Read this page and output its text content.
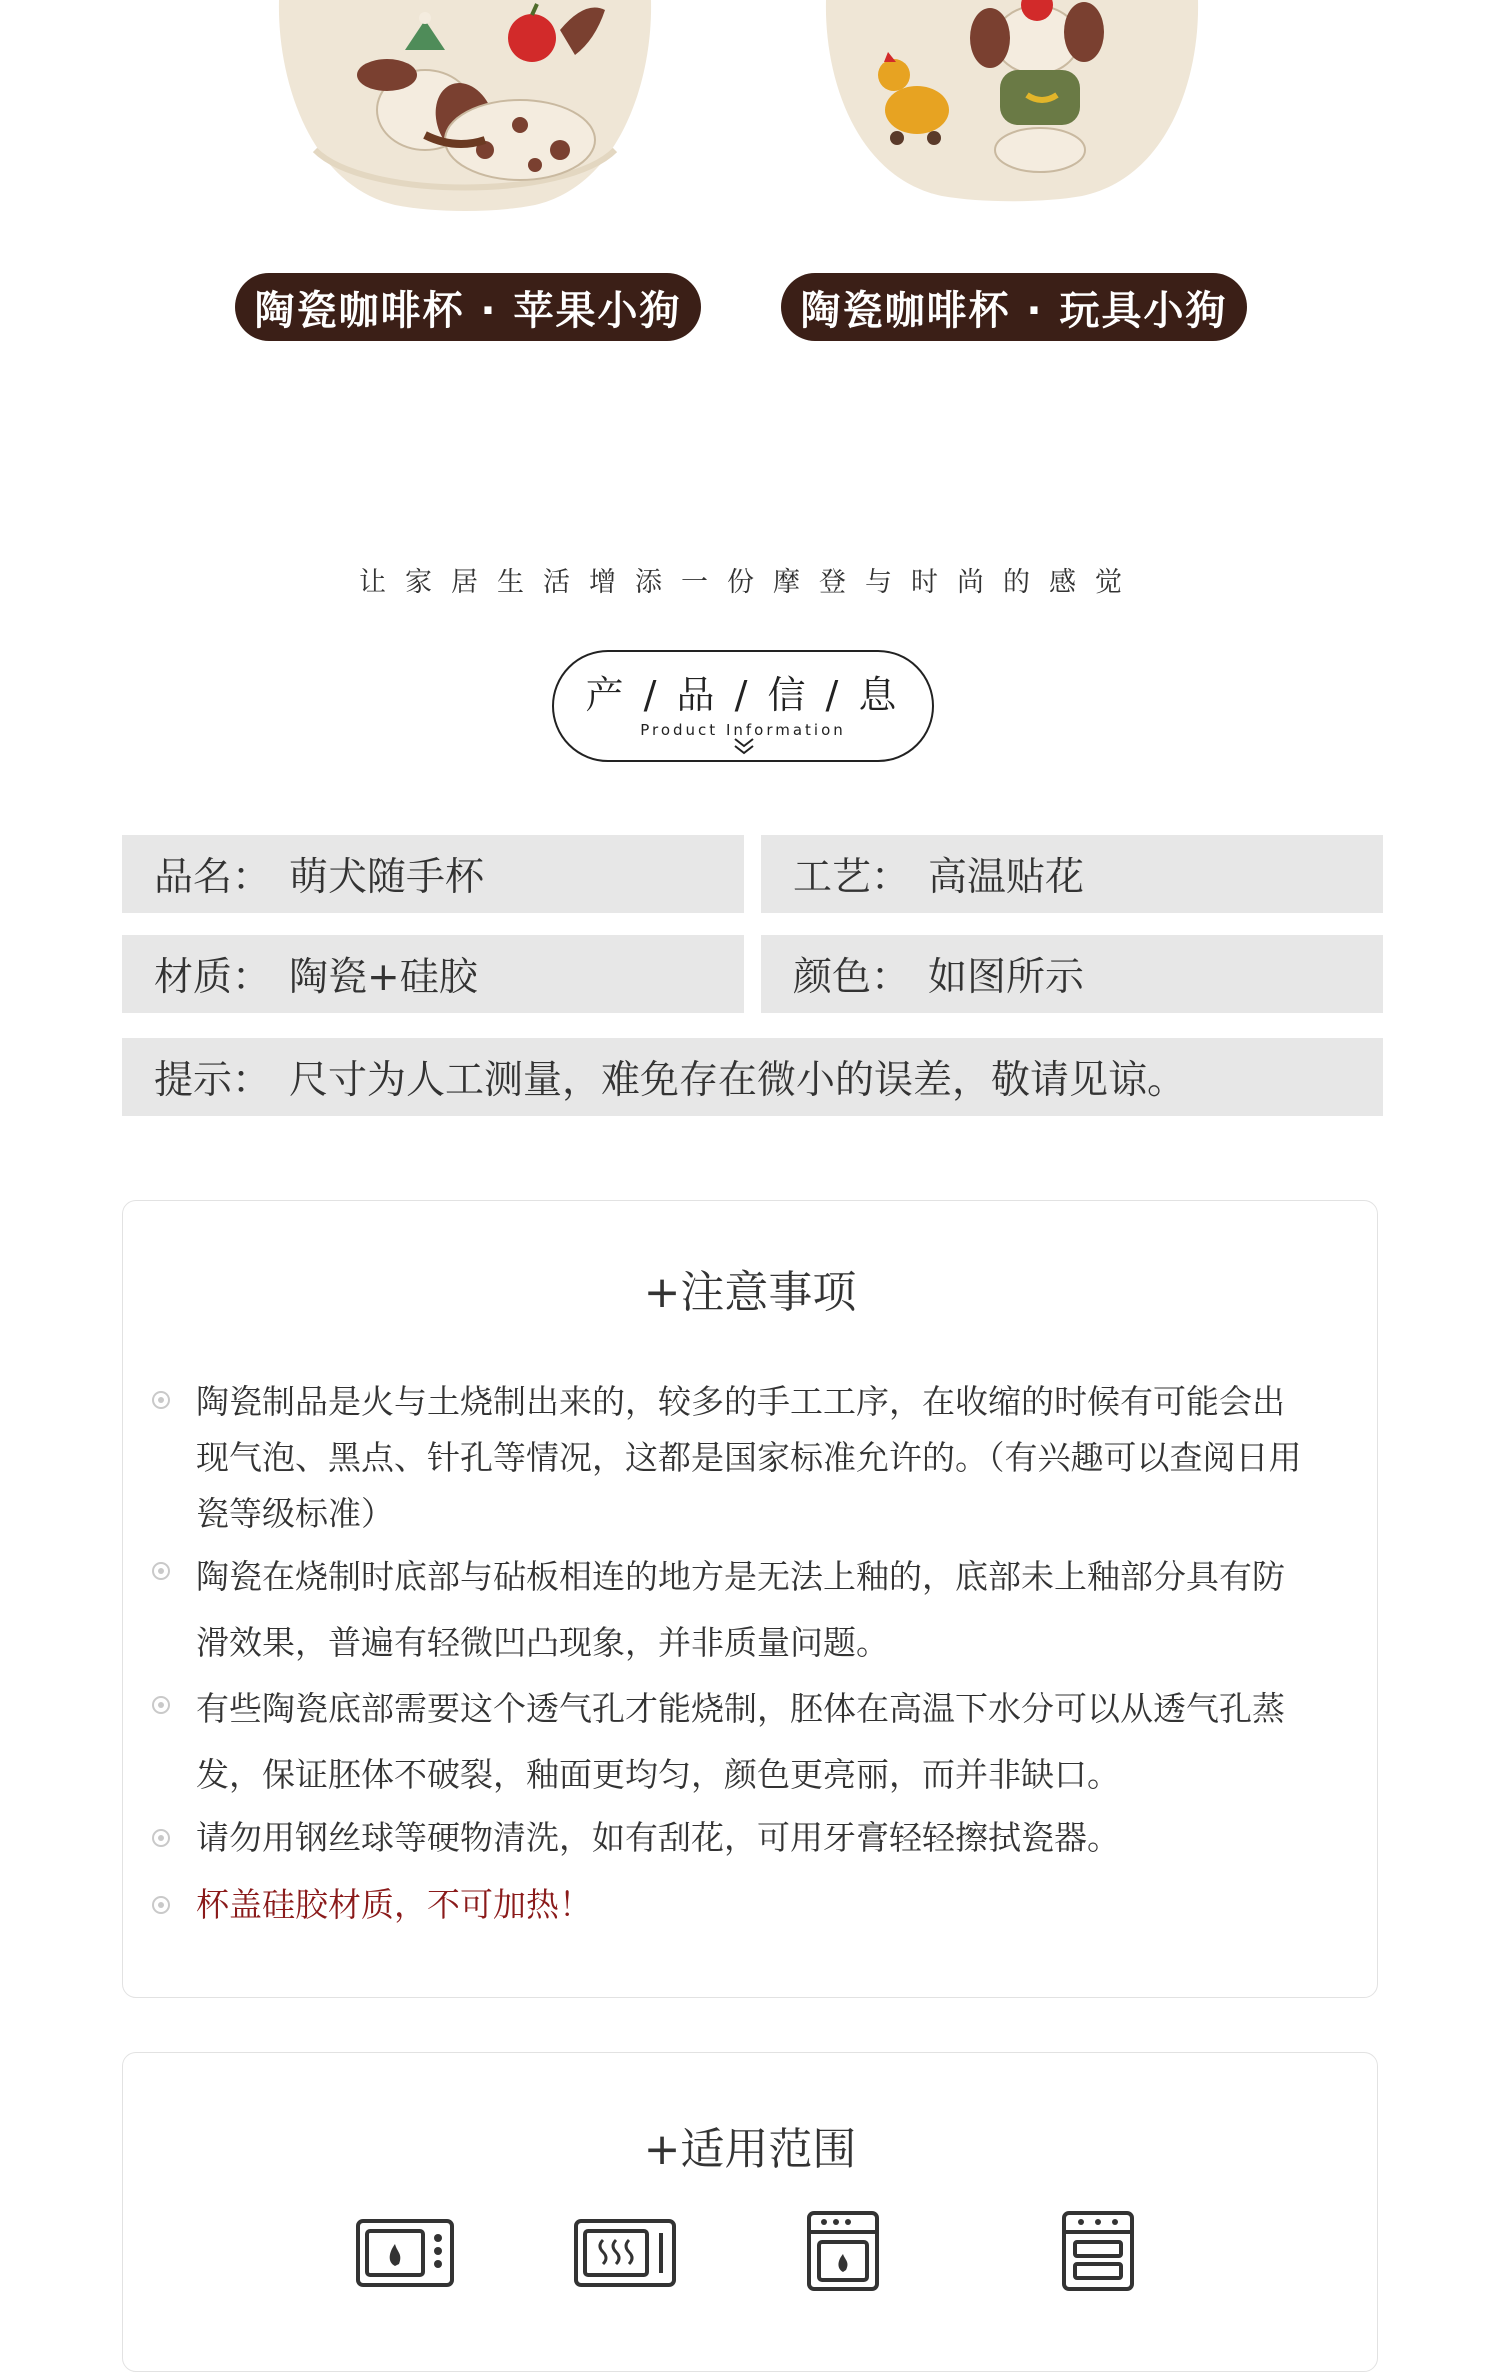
陶瓷咖啡杯 · 苹果小狗	陶瓷咖啡杯 · 玩具小狗
让家居生活增添一份摩登与时尚的感觉
产 / 品 / 信 / 息
Product Information
品名： 萌犬随手杯	工艺： 高温贴花
材质： 陶瓷+硅胶	颜色： 如图所示
提示： 尺寸为人工测量，难免存在微小的误差，敬请见谅。
+注意事项
陶瓷制品是火与土烧制出来的，较多的手工工序，在收缩的时候有可能会出现气泡、黑点、针孔等情况，这都是国家标准允许的。（有兴趣可以查阅日用瓷等级标准）
陶瓷在烧制时底部与砧板相连的地方是无法上釉的，底部未上釉部分具有防滑效果，普遍有轻微凹凸现象，并非质量问题。
有些陶瓷底部需要这个透气孔才能烧制，胚体在高温下水分可以从透气孔蒸发，保证胚体不破裂，釉面更均匀，颜色更亮丽，而并非缺口。
请勿用钢丝球等硬物清洗，如有刮花，可用牙膏轻轻擦拭瓷器。
杯盖硅胶材质，不可加热！
+适用范围
